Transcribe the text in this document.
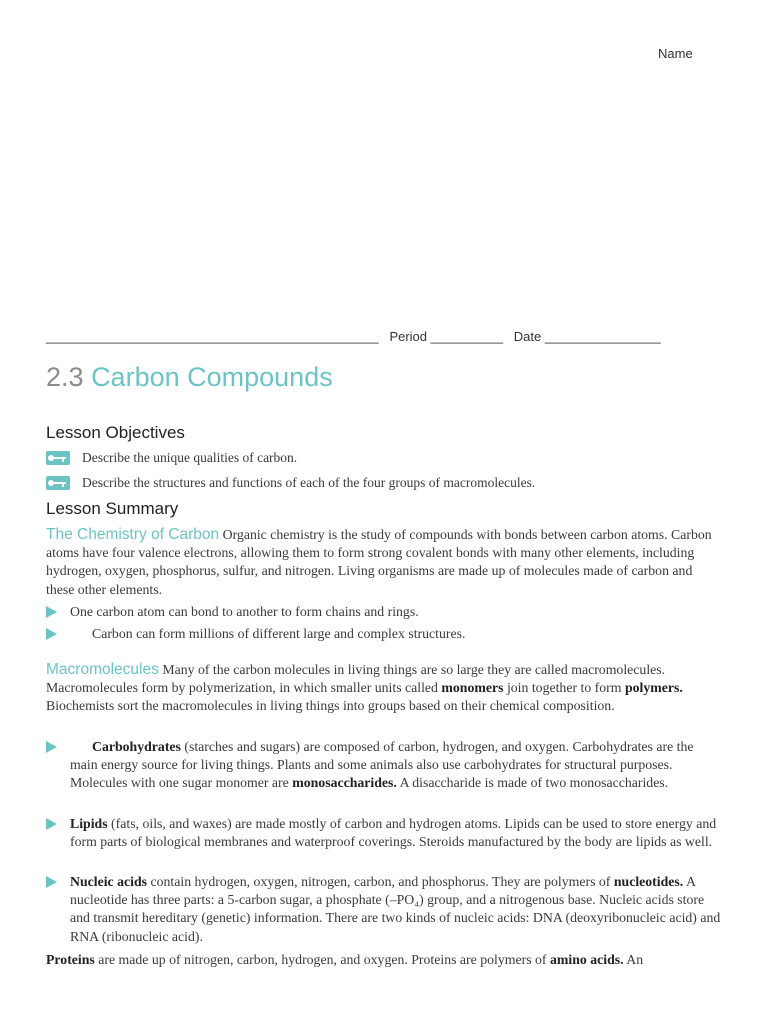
Name
______________________________________________ Period __________ Date ________________
2.3 Carbon Compounds
Lesson Objectives
Describe the unique qualities of carbon.
Describe the structures and functions of each of the four groups of macromolecules.
Lesson Summary
The Chemistry of Carbon Organic chemistry is the study of compounds with bonds between carbon atoms. Carbon atoms have four valence electrons, allowing them to form strong covalent bonds with many other elements, including hydrogen, oxygen, phosphorus, sulfur, and nitrogen. Living organisms are made up of molecules made of carbon and these other elements.
One carbon atom can bond to another to form chains and rings.
Carbon can form millions of different large and complex structures.
Macromolecules Many of the carbon molecules in living things are so large they are called macromolecules. Macromolecules form by polymerization, in which smaller units called monomers join together to form polymers. Biochemists sort the macromolecules in living things into groups based on their chemical composition.
Carbohydrates (starches and sugars) are composed of carbon, hydrogen, and oxygen. Carbohydrates are the main energy source for living things. Plants and some animals also use carbohydrates for structural purposes. Molecules with one sugar monomer are monosaccharides. A disaccharide is made of two monosaccharides.
Lipids (fats, oils, and waxes) are made mostly of carbon and hydrogen atoms. Lipids can be used to store energy and form parts of biological membranes and waterproof coverings. Steroids manufactured by the body are lipids as well.
Nucleic acids contain hydrogen, oxygen, nitrogen, carbon, and phosphorus. They are polymers of nucleotides. A nucleotide has three parts: a 5-carbon sugar, a phosphate (–PO₄) group, and a nitrogenous base. Nucleic acids store and transmit hereditary (genetic) information. There are two kinds of nucleic acids: DNA (deoxyribonucleic acid) and RNA (ribonucleic acid).
Proteins are made up of nitrogen, carbon, hydrogen, and oxygen. Proteins are polymers of amino acids. An
